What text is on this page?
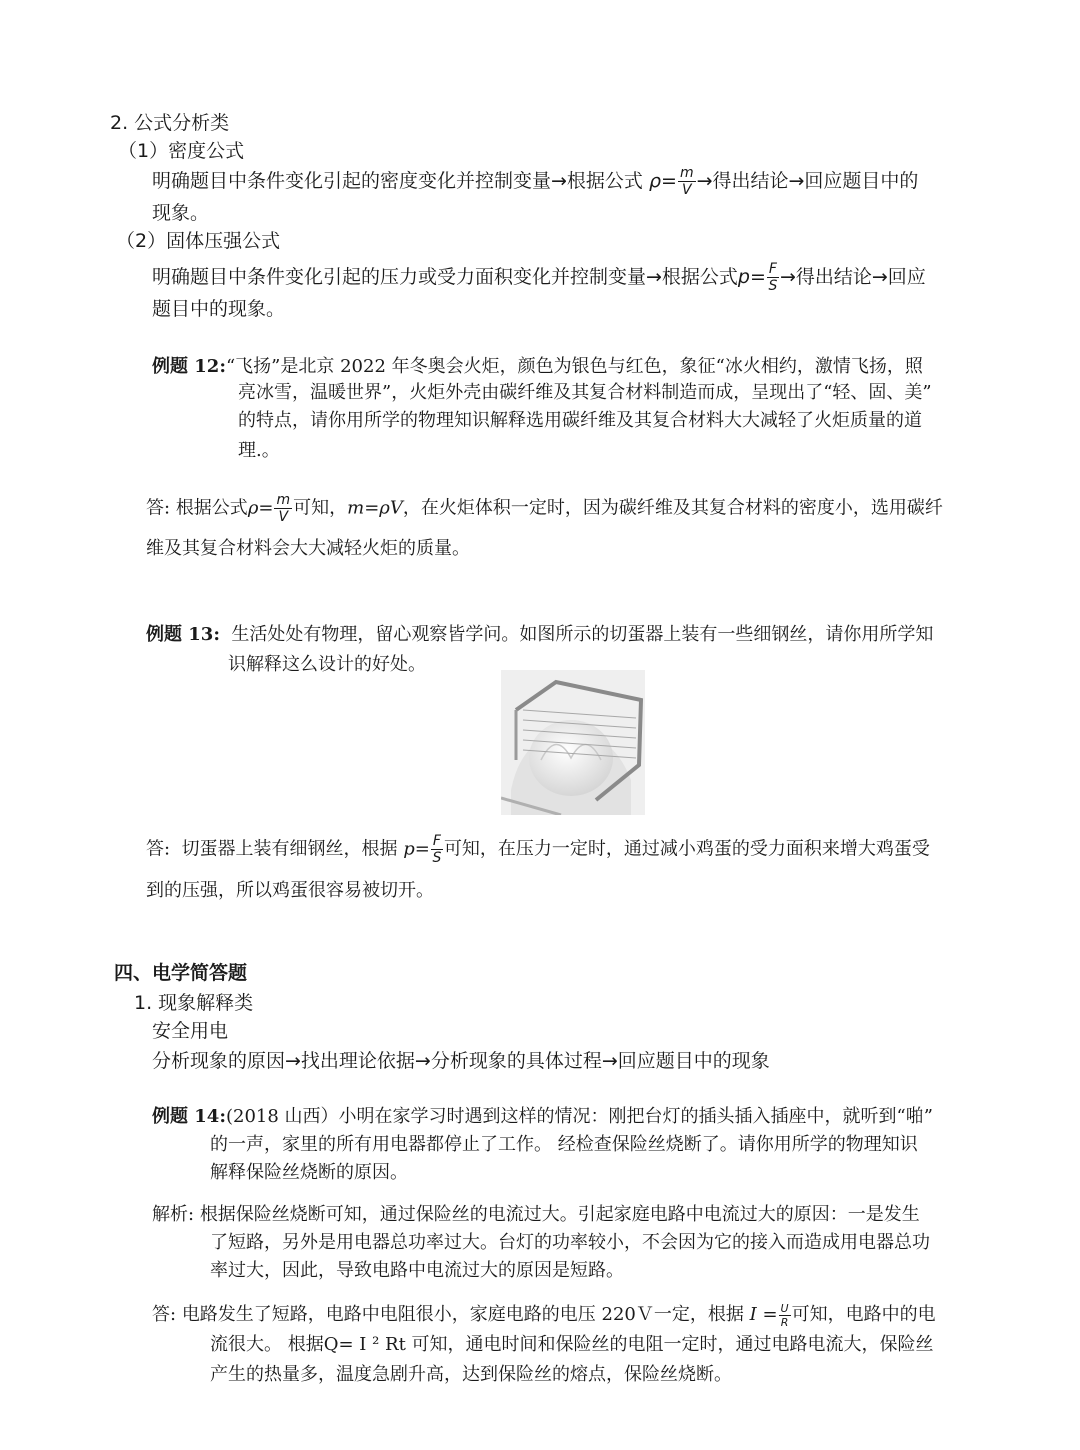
2. 公式分析类
（1）密度公式
明确题目中条件变化引起的密度变化并控制变量→根据公式 $\rho= \frac{m}{V}$ →得出结论→回应题目中的
现象。
（2）固体压强公式
明确题目中条件变化引起的压力或受力面积变化并控制变量→根据公式$p= \frac{F}{S}$ →得出结论→回应
题目中的现象。
例题 12:“飞扬”是北京 2022 年冬奥会火炬，颜色为银色与红色，象征“冰火相约，激情飞扬，照
亮冰雪，温暖世界”，火炬外壳由碳纤维及其复合材料制造而成，呈现出了“轻、固、美”
的特点，请你用所学的物理知识解释选用碳纤维及其复合材料大大减轻了火炬质量的道
理.。
答: 根据公式$\rho= \frac{m}{V}$ 可知，m=ρV，在火炬体积一定时，因为碳纤维及其复合材料的密度小，选用碳纤
维及其复合材料会大大减轻火炬的质量。
例题 13: 生活处处有物理，留心观察皆学问。如图所示的切蛋器上装有一些细钢丝，请你用所学知
识解释这么设计的好处。
答: 切蛋器上装有细钢丝，根据 $p= \frac{F}{S}$ 可知，在压力一定时，通过减小鸡蛋的受力面积来增大鸡蛋受
到的压强，所以鸡蛋很容易被切开。
四、电学简答题
1. 现象解释类
安全用电
分析现象的原因→找出理论依据→分析现象的具体过程→回应题目中的现象
例题 14:(2018 山西）小明在家学习时遇到这样的情况：刚把台灯的插头插入插座中，就听到“啪”
的一声，家里的所有用电器都停止了工作。 经检查保险丝烧断了。请你用所学的物理知识
解释保险丝烧断的原因。
解析: 根据保险丝烧断可知，通过保险丝的电流过大。引起家庭电路中电流过大的原因：一是发生
了短路，另外是用电器总功率过大。台灯的功率较小，不会因为它的接入而造成用电器总功
率过大，因此，导致电路中电流过大的原因是短路。
答: 电路发生了短路，电路中电阻很小，家庭电路的电压 220Ｖ一定，根据 $I = \frac{U}{R}$ 可知，电路中的电
流很大。 根据Q= I ² Rt 可知，通电时间和保险丝的电阻一定时，通过电路电流大，保险丝
产生的热量多，温度急剧升高，达到保险丝的熔点，保险丝烧断。
